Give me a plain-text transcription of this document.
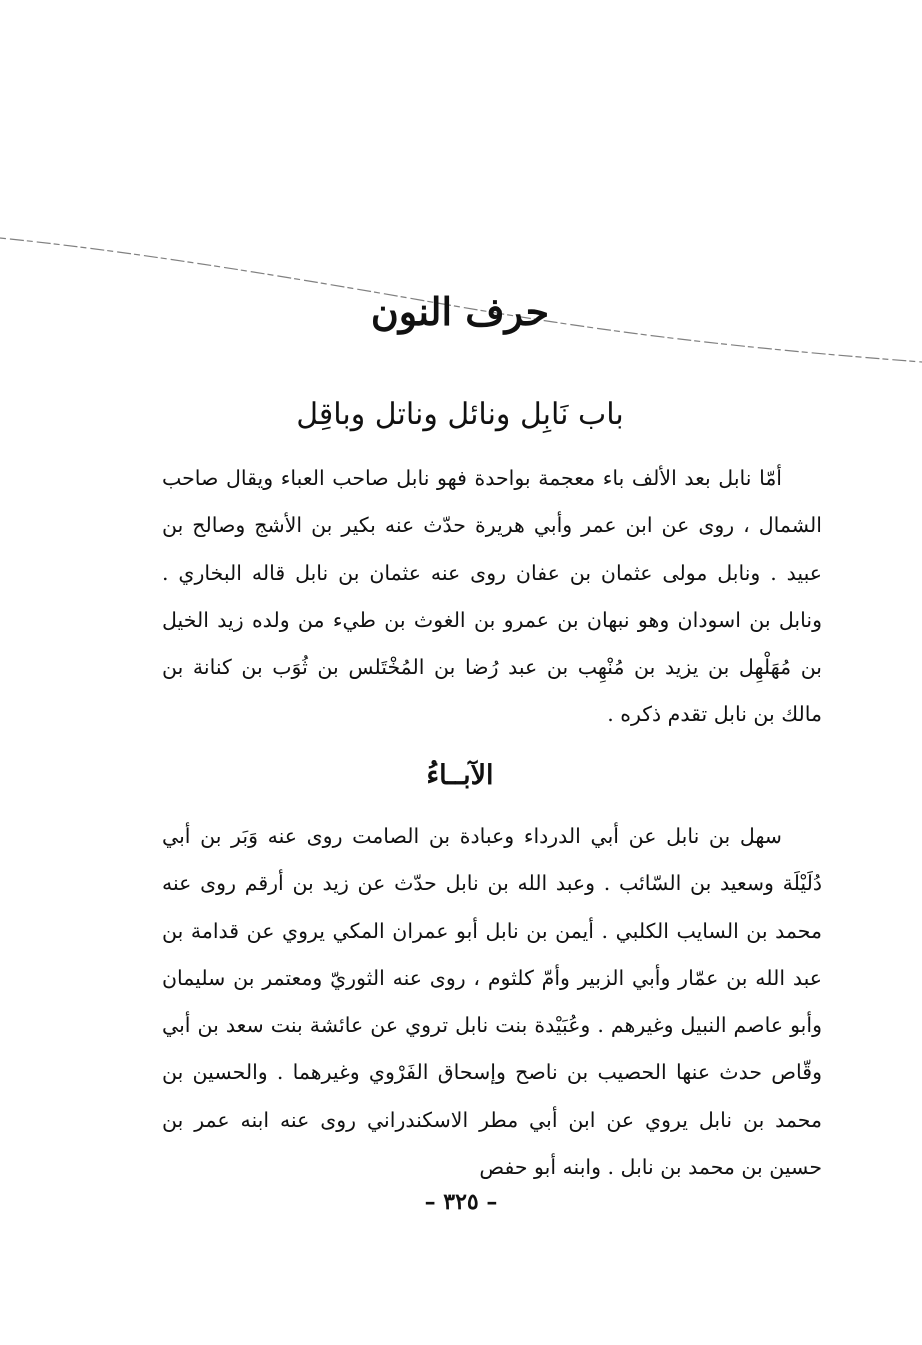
حرف النون
باب نَابِل ونائل وناتل وباقِل

أمّا نابل بعد الألف باء معجمة بواحدة فهو نابل صاحب العباء ويقال صاحب الشمال ، روى عن ابن عمر وأبي هريرة حدّث عنه بكير بن الأشج وصالح بن عبيد . ونابل مولى عثمان بن عفان روى عنه عثمان بن نابل قاله البخاري . ونابل بن اسودان وهو نبهان بن عمرو بن الغوث بن طيء من ولده زيد الخيل بن مُهَلْهِل بن يزيد بن مُنْهِب بن عبد رُضا بن المُخْتَلس بن ثُوَب بن كنانة بن مالك بن نابل تقدم ذكره .

الآبــاءُ

سهل بن نابل عن أبي الدرداء وعبادة بن الصامت روى عنه وَبَر بن أبي دُلَيْلَة وسعيد بن السّائب . وعبد الله بن نابل حدّث عن زيد بن أرقم روى عنه محمد بن السايب الكلبي . أيمن بن نابل أبو عمران المكي يروي عن قدامة بن عبد الله بن عمّار وأبي الزبير وأمّ كلثوم ، روى عنه الثوريّ ومعتمر بن سليمان وأبو عاصم النبيل وغيرهم . وعُبَيْدة بنت نابل تروي عن عائشة بنت سعد بن أبي وقّاص حدث عنها الحصيب بن ناصح وإسحاق الفَرْوي وغيرهما . والحسين بن محمد بن نابل يروي عن ابن أبي مطر الاسكندراني روى عنه ابنه عمر بن حسين بن محمد بن نابل . وابنه أبو حفص

– ٣٢٥ –
